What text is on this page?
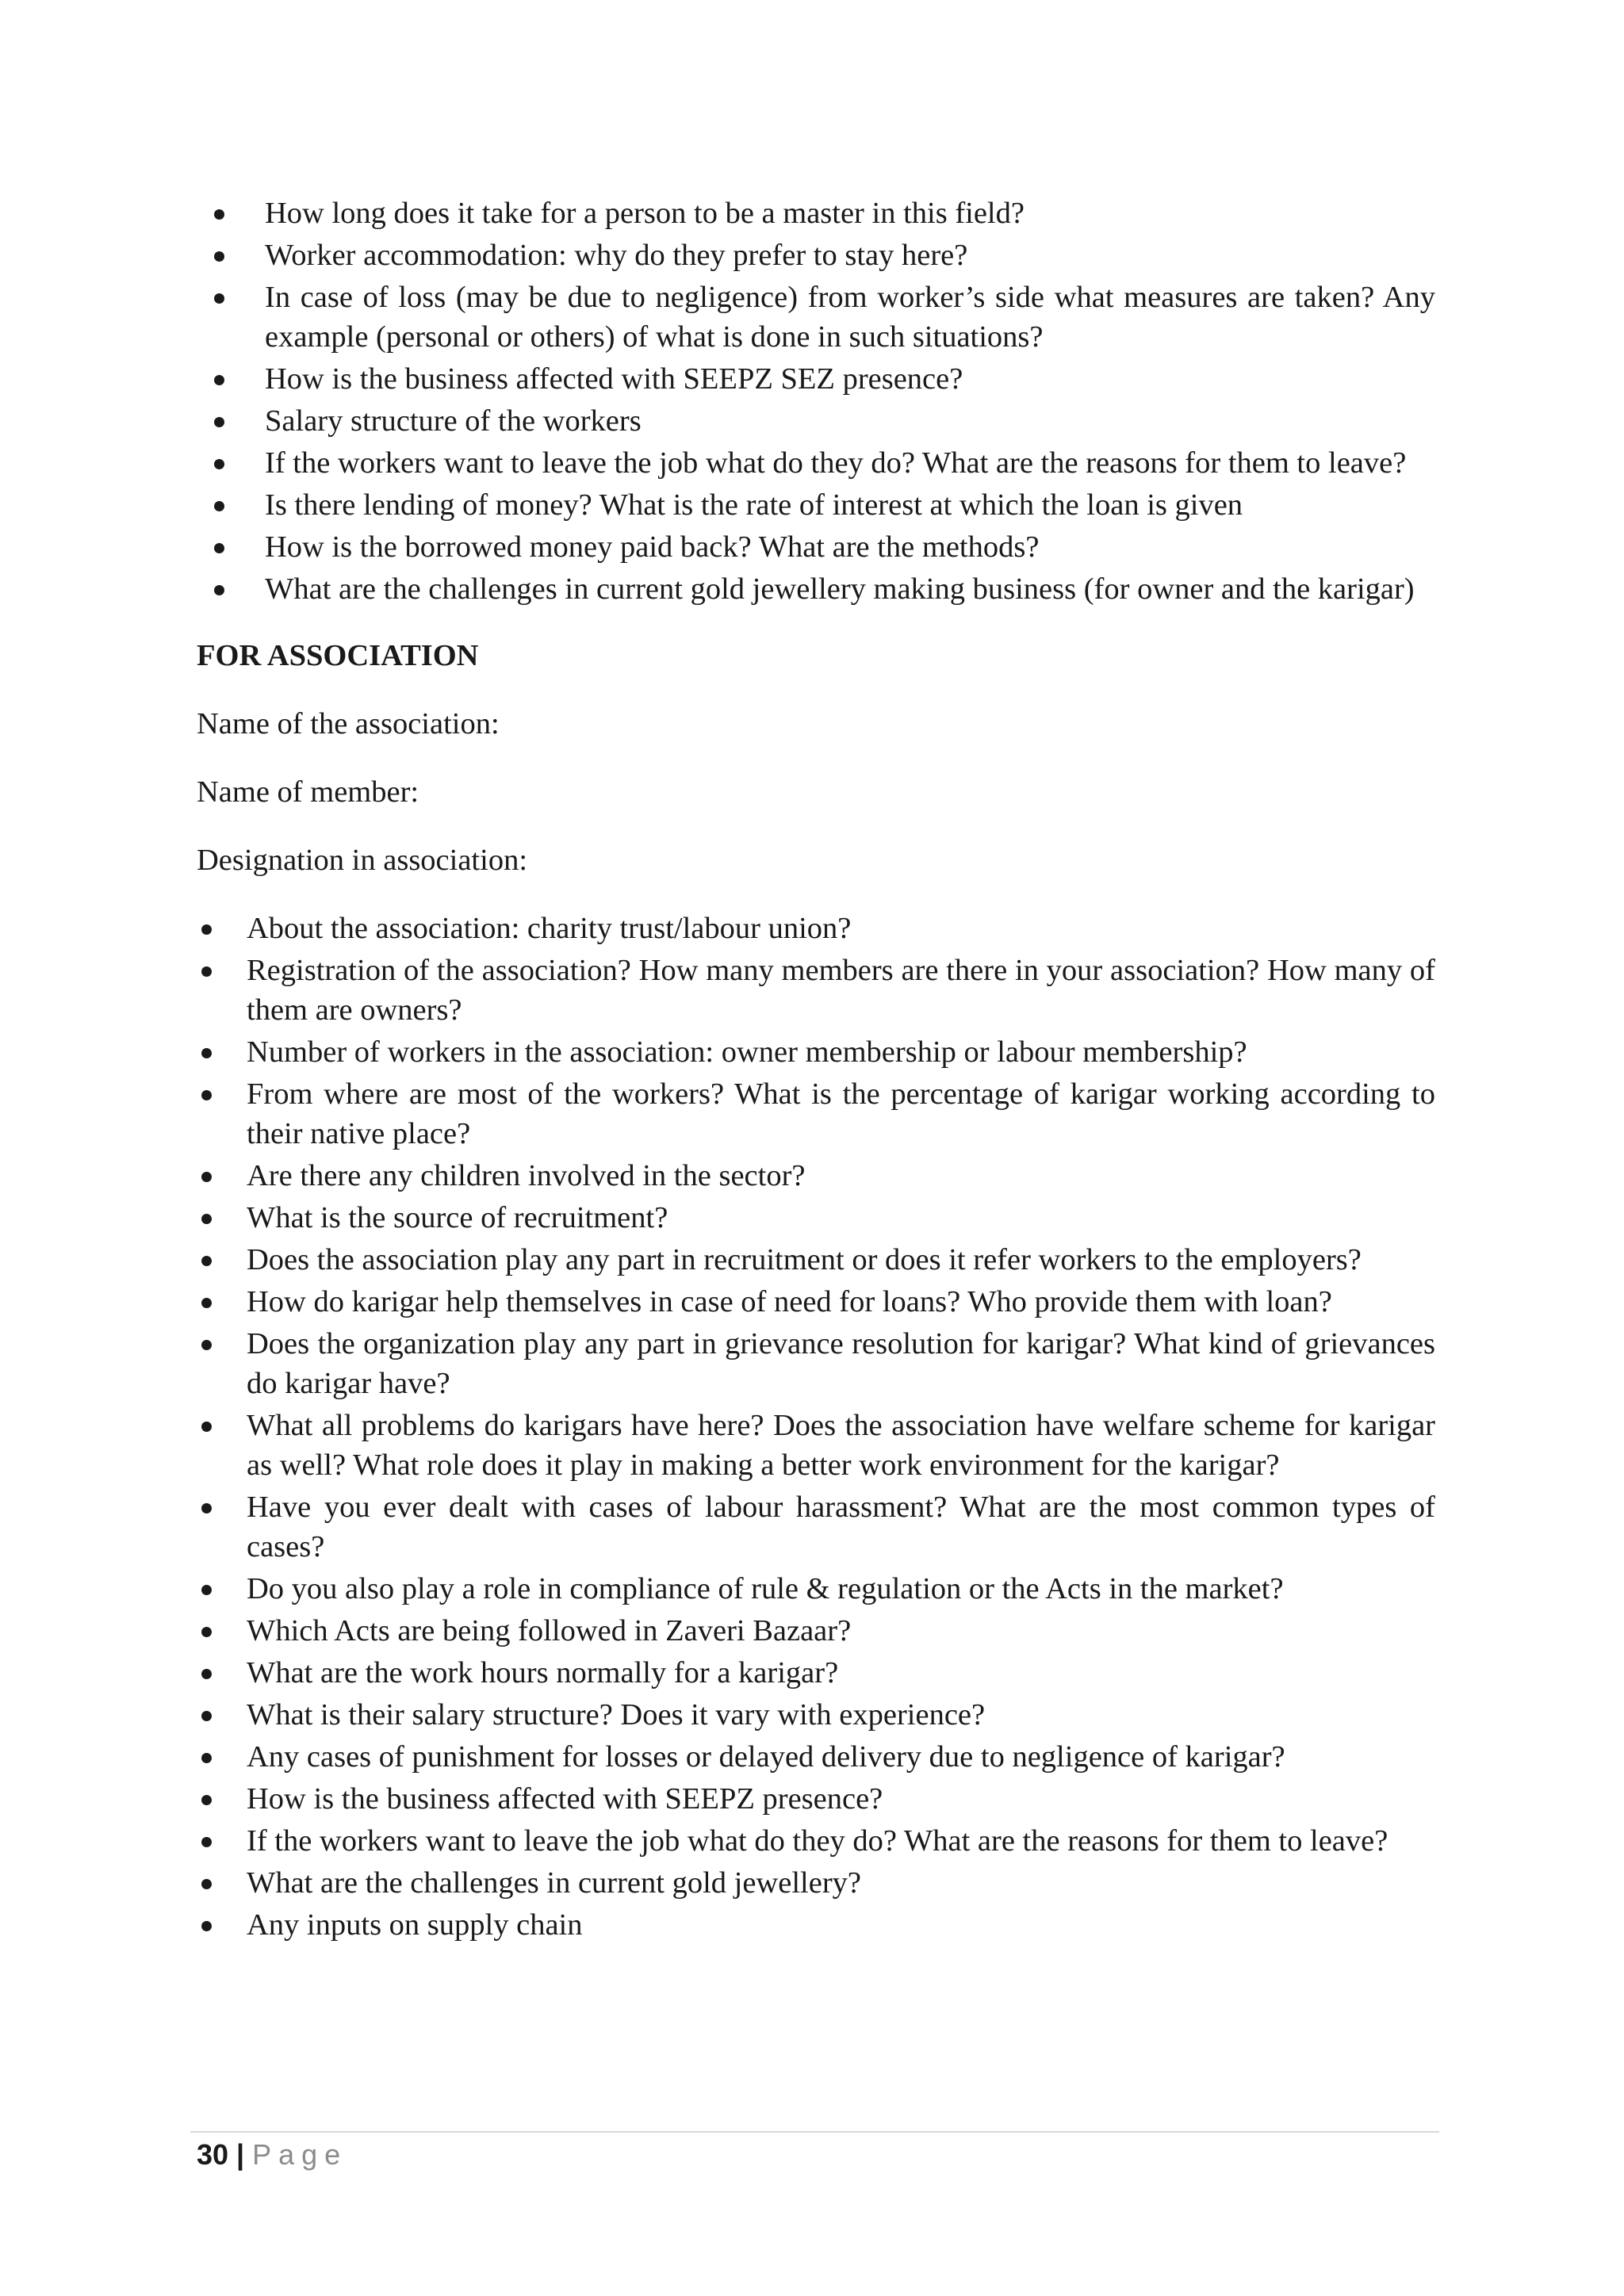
How long does it take for a person to be a master in this field?
Worker accommodation: why do they prefer to stay here?
In case of loss (may be due to negligence) from worker’s side what measures are taken? Any example (personal or others) of what is done in such situations?
How is the business affected with SEEPZ SEZ presence?
Salary structure of the workers
If the workers want to leave the job what do they do? What are the reasons for them to leave?
Is there lending of money? What is the rate of interest at which the loan is given
How is the borrowed money paid back? What are the methods?
What are the challenges in current gold jewellery making business (for owner and the karigar)
FOR ASSOCIATION
Name of the association:
Name of member:
Designation in association:
About the association: charity trust/labour union?
Registration of the association? How many members are there in your association? How many of them are owners?
Number of workers in the association: owner membership or labour membership?
From where are most of the workers? What is the percentage of karigar working according to their native place?
Are there any children involved in the sector?
What is the source of recruitment?
Does the association play any part in recruitment or does it refer workers to the employers?
How do karigar help themselves in case of need for loans? Who provide them with loan?
Does the organization play any part in grievance resolution for karigar? What kind of grievances do karigar have?
What all problems do karigars have here? Does the association have welfare scheme for karigar as well? What role does it play in making a better work environment for the karigar?
Have you ever dealt with cases of labour harassment? What are the most common types of cases?
Do you also play a role in compliance of rule & regulation or the Acts in the market?
Which Acts are being followed in Zaveri Bazaar?
What are the work hours normally for a karigar?
What is their salary structure? Does it vary with experience?
Any cases of punishment for losses or delayed delivery due to negligence of karigar?
How is the business affected with SEEPZ presence?
If the workers want to leave the job what do they do? What are the reasons for them to leave?
What are the challenges in current gold jewellery?
Any inputs on supply chain
30 | Page
